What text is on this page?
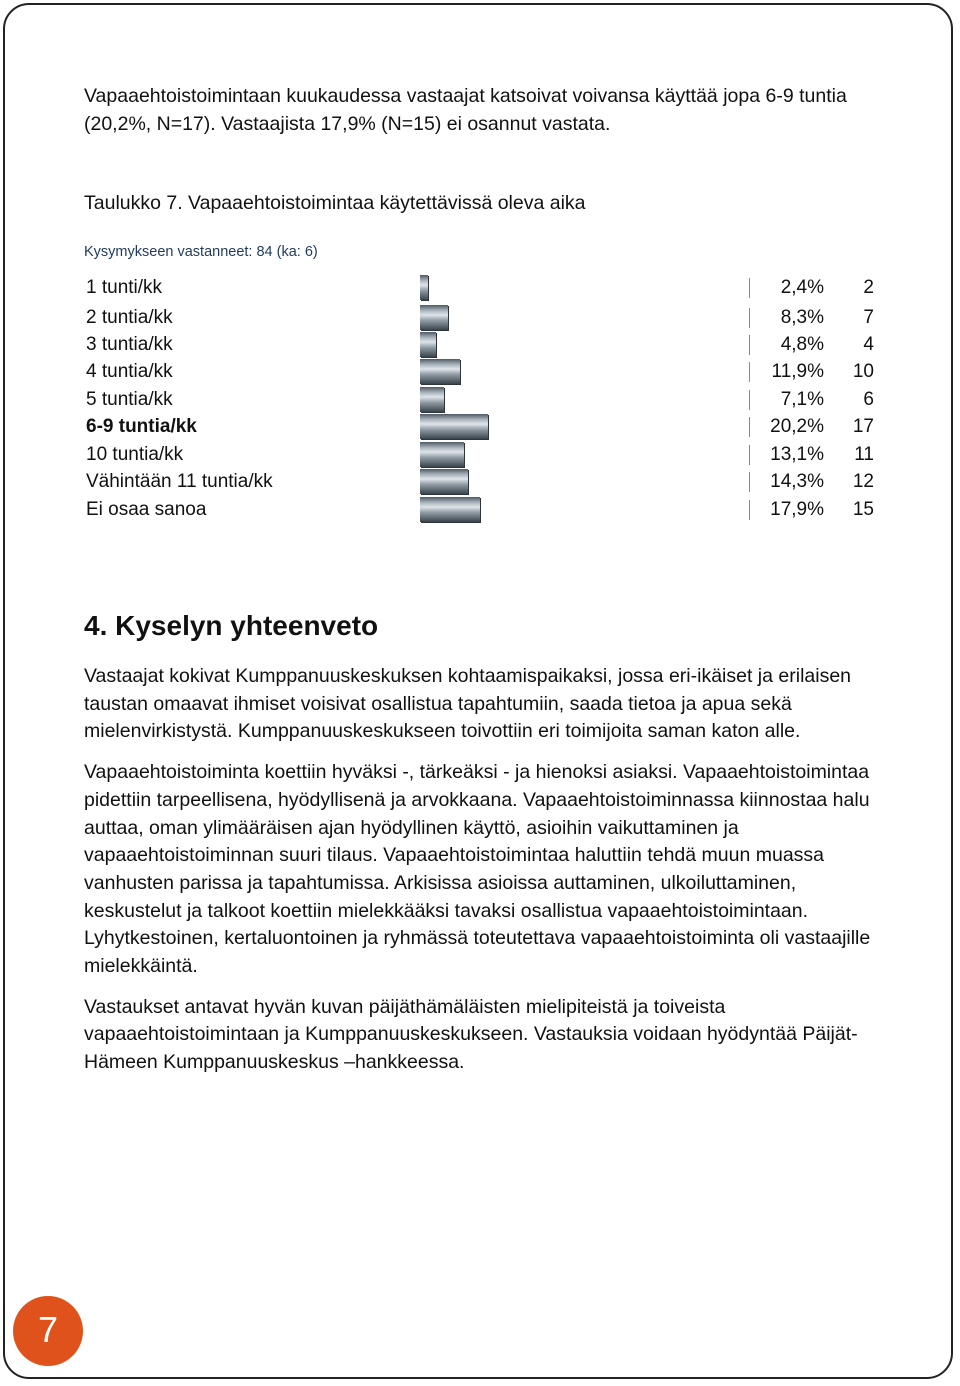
Vapaaehtoistoimintaan kuukaudessa vastaajat katsoivat voivansa käyttää jopa 6-9 tuntia (20,2%, N=17). Vastaajista 17,9% (N=15) ei osannut vastata.

Taulukko 7. Vapaaehtoistoimintaa käytettävissä oleva aika

Kysymykseen vastanneet: 84 (ka: 6)

1 tunti/kk	2,4% 2
2 tuntia/kk	8,3% 7
3 tuntia/kk	4,8% 4
4 tuntia/kk	11,9% 10
5 tuntia/kk	7,1% 6
6-9 tuntia/kk	20,2% 17
10 tuntia/kk	13,1% 11
Vähintään 11 tuntia/kk	14,3% 12
Ei osaa sanoa	17,9% 15
4. Kyselyn yhteenveto

Vastaajat kokivat Kumppanuuskeskuksen kohtaamispaikaksi, jossa eri-ikäiset ja erilaisen taustan omaavat ihmiset voisivat osallistua tapahtumiin, saada tietoa ja apua sekä mielenvirkistystä. Kumppanuuskeskukseen toivottiin eri toimijoita saman katon alle.

Vapaaehtoistoiminta koettiin hyväksi -, tärkeäksi - ja hienoksi asiaksi. Vapaaehtoistoimintaa pidettiin tarpeellisena, hyödyllisenä ja arvokkaana. Vapaaehtoistoiminnassa kiinnostaa halu auttaa, oman ylimääräisen ajan hyödyllinen käyttö, asioihin vaikuttaminen ja vapaaehtoistoiminnan suuri tilaus. Vapaaehtoistoimintaa haluttiin tehdä muun muassa vanhusten parissa ja tapahtumissa. Arkisissa asioissa auttaminen, ulkoiluttaminen, keskustelut ja talkoot koettiin mielekkääksi tavaksi osallistua vapaaehtoistoimintaan. Lyhytkestoinen, kertaluontoinen ja ryhmässä toteutettava vapaaehtoistoiminta oli vastaajille mielekkäintä.

Vastaukset antavat hyvän kuvan päijäthämäläisten mielipiteistä ja toiveista vapaaehtoistoimintaan ja Kumppanuuskeskukseen. Vastauksia voidaan hyödyntää Päijät-Hämeen Kumppanuuskeskus –hankkeessa.

7
